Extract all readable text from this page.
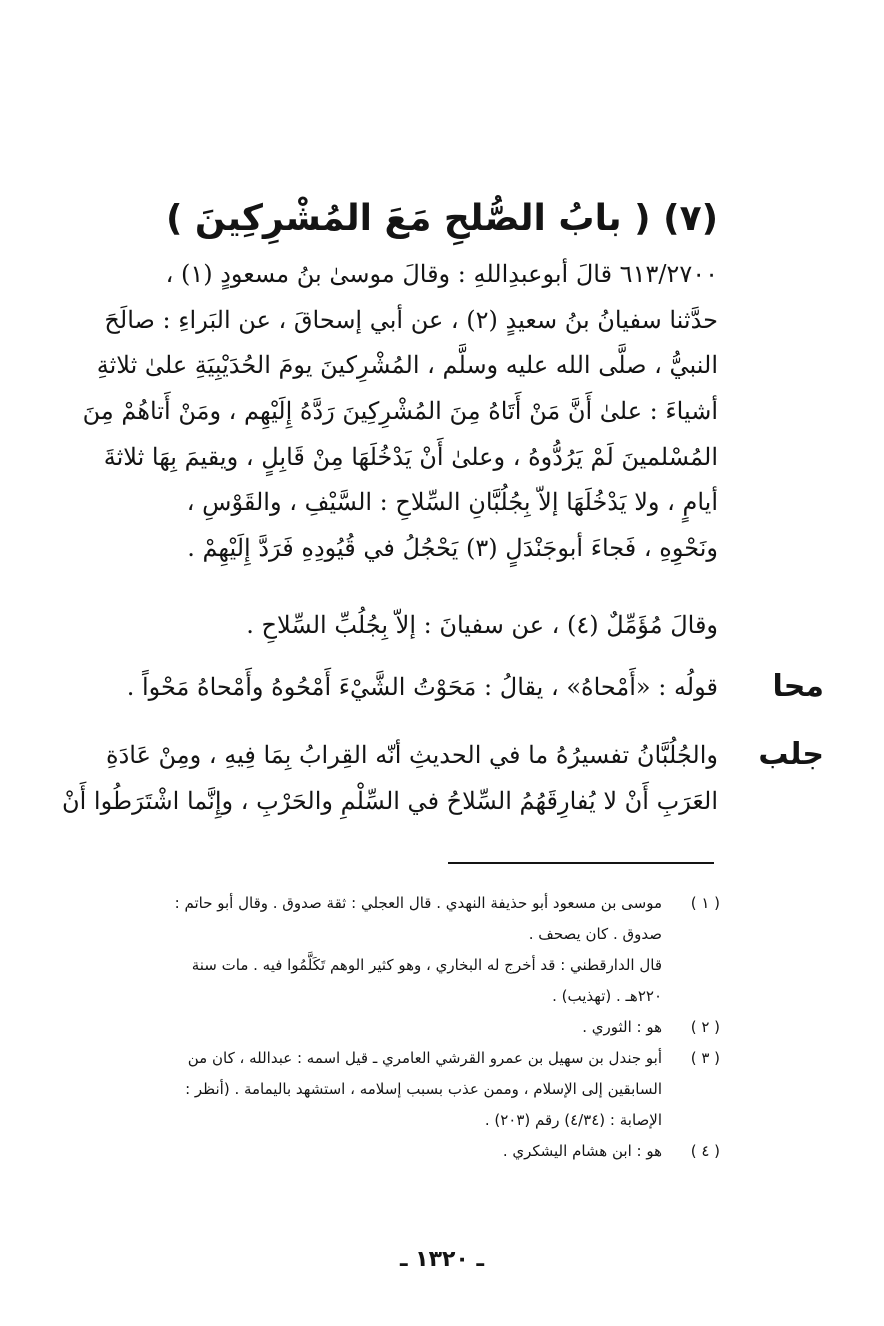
(٧) ( بابُ الصُّلحِ مَعَ المُشْرِكِينَ )
٦١٣/٢٧٠٠ قالَ أبوعبدِاللهِ : وقالَ موسىٰ بنُ مسعودٍ (١) ،
حدَّثنا سفيانُ بنُ سعيدٍ (٢) ، عن أبي إسحاقَ ، عن البَراءِ : صالَحَ
النبيُّ ، صلَّى الله عليه وسلَّم ، المُشْرِكينَ يومَ الحُدَيْبِيَةِ علىٰ ثلاثةِ
أشياءَ : علىٰ أَنَّ مَنْ أَتَاهُ مِنَ المُشْرِكِينَ رَدَّهُ إِلَيْهِم ، ومَنْ أَتاهُمْ مِنَ
المُسْلمينَ لَمْ يَرُدُّوهُ ، وعلىٰ أَنْ يَدْخُلَهَا مِنْ قَابِلٍ ، ويقيمَ بِهَا ثلاثةَ
أيامٍ ، ولا يَدْخُلَهَا إلاّ بِجُلُبَّانِ السِّلاحِ : السَّيْفِ ، والقَوْسِ ،
ونَحْوِهِ ، فَجاءَ أبوجَنْدَلٍ (٣) يَحْجُلُ في قُيُودِهِ فَرَدَّ إِلَيْهِمْ .
وقالَ مُؤَمِّلٌ (٤) ، عن سفيانَ : إلاّ بِجُلُبِّ السِّلاحِ .
محا
قولُه : «أَمْحاهُ» ، يقالُ : مَحَوْتُ الشَّيْءَ أَمْحُوهُ وأَمْحاهُ مَحْواً .
جلب
والجُلُبَّانُ تفسيرُهُ ما في الحديثِ أنّه القِرابُ بِمَا فِيهِ ، ومِنْ عَادَةِ
العَرَبِ أَنْ لا يُفارِقَهُمُ السِّلاحُ في السِّلْمِ والحَرْبِ ، وإِنَّما اشْتَرَطُوا أَنْ
( ١ )
موسى بن مسعود أبو حذيفة النهدي . قال العجلي : ثقة صدوق . وقال أبو حاتم :
صدوق . كان يصحف .
قال الدارقطني : قد أخرج له البخاري ، وهو كثير الوهم تَكَلَّمُوا فيه . مات سنة
٢٢٠هـ . (تهذيب) .
( ٢ )
هو : الثوري .
( ٣ )
أبو جندل بن سهيل بن عمرو القرشي العامري ـ قيل اسمه : عبدالله ، كان من
السابقين إلى الإسلام ، وممن عذب بسبب إسلامه ، استشهد باليمامة . (أنظر :
الإصابة : (٤/٣٤) رقم (٢٠٣) .
( ٤ )
هو : ابن هشام اليشكري .
ـ ١٣٢٠ ـ
